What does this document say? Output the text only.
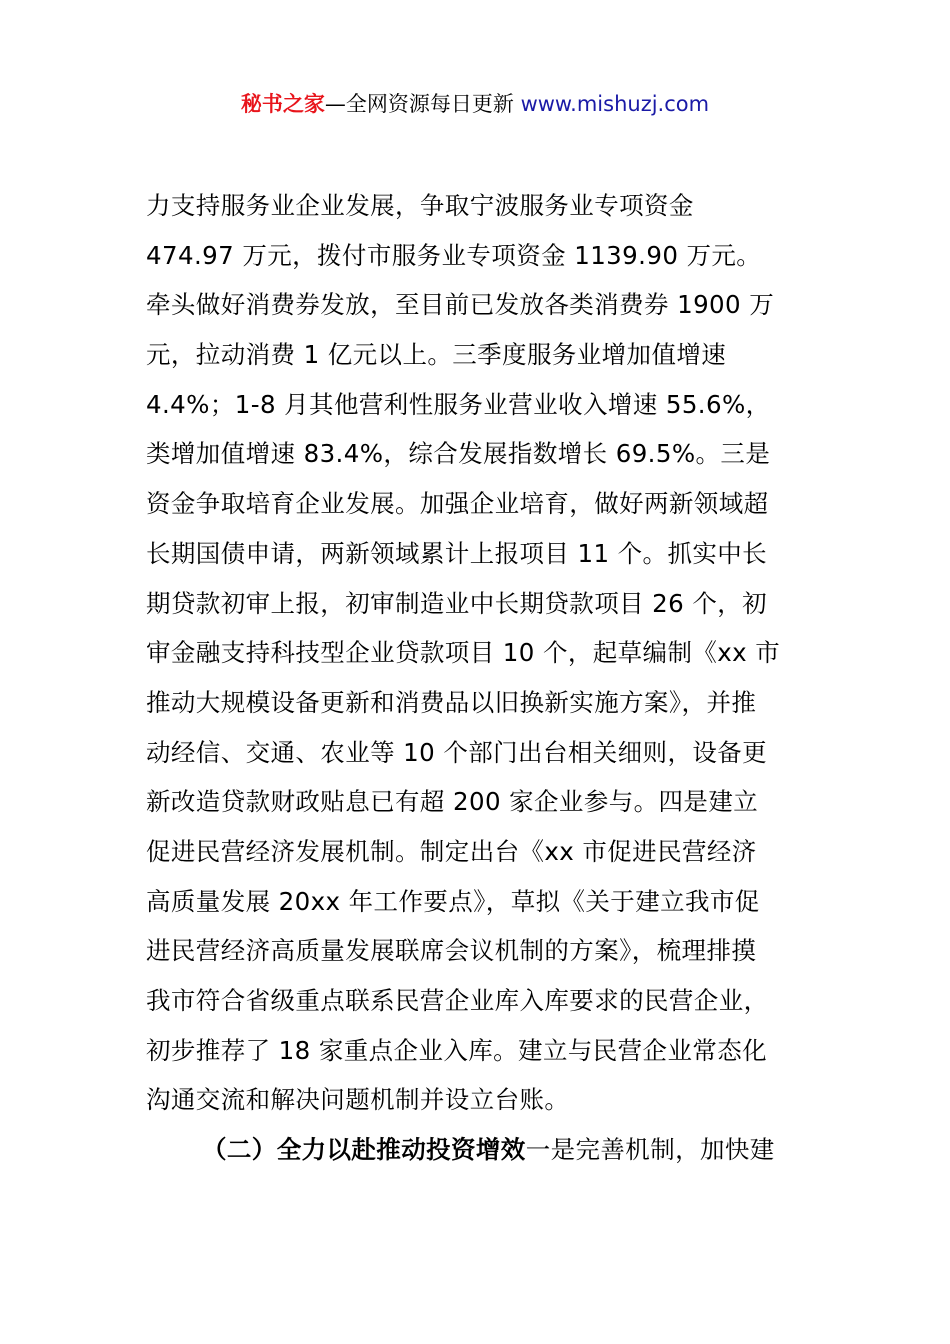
秘书之家—全网资源每日更新 www.mishuzj.com
力支持服务业企业发展，争取宁波服务业专项资金
474.97 万元，拨付市服务业专项资金 1139.90 万元。
牵头做好消费券发放，至目前已发放各类消费券 1900 万
元，拉动消费 1 亿元以上。三季度服务业增加值增速
4.4%；1-8 月其他营利性服务业营业收入增速 55.6%，
类增加值增速 83.4%，综合发展指数增长 69.5%。三是
资金争取培育企业发展。加强企业培育，做好两新领域超
长期国债申请，两新领域累计上报项目 11 个。抓实中长
期贷款初审上报，初审制造业中长期贷款项目 26 个，初
审金融支持科技型企业贷款项目 10 个，起草编制《xx 市
推动大规模设备更新和消费品以旧换新实施方案》，并推
动经信、交通、农业等 10 个部门出台相关细则，设备更
新改造贷款财政贴息已有超 200 家企业参与。四是建立
促进民营经济发展机制。制定出台《xx 市促进民营经济
高质量发展 20xx 年工作要点》，草拟《关于建立我市促
进民营经济高质量发展联席会议机制的方案》，梳理排摸
我市符合省级重点联系民营企业库入库要求的民营企业，
初步推荐了 18 家重点企业入库。建立与民营企业常态化
沟通交流和解决问题机制并设立台账。
（二）全力以赴推动投资增效一是完善机制，加快建
